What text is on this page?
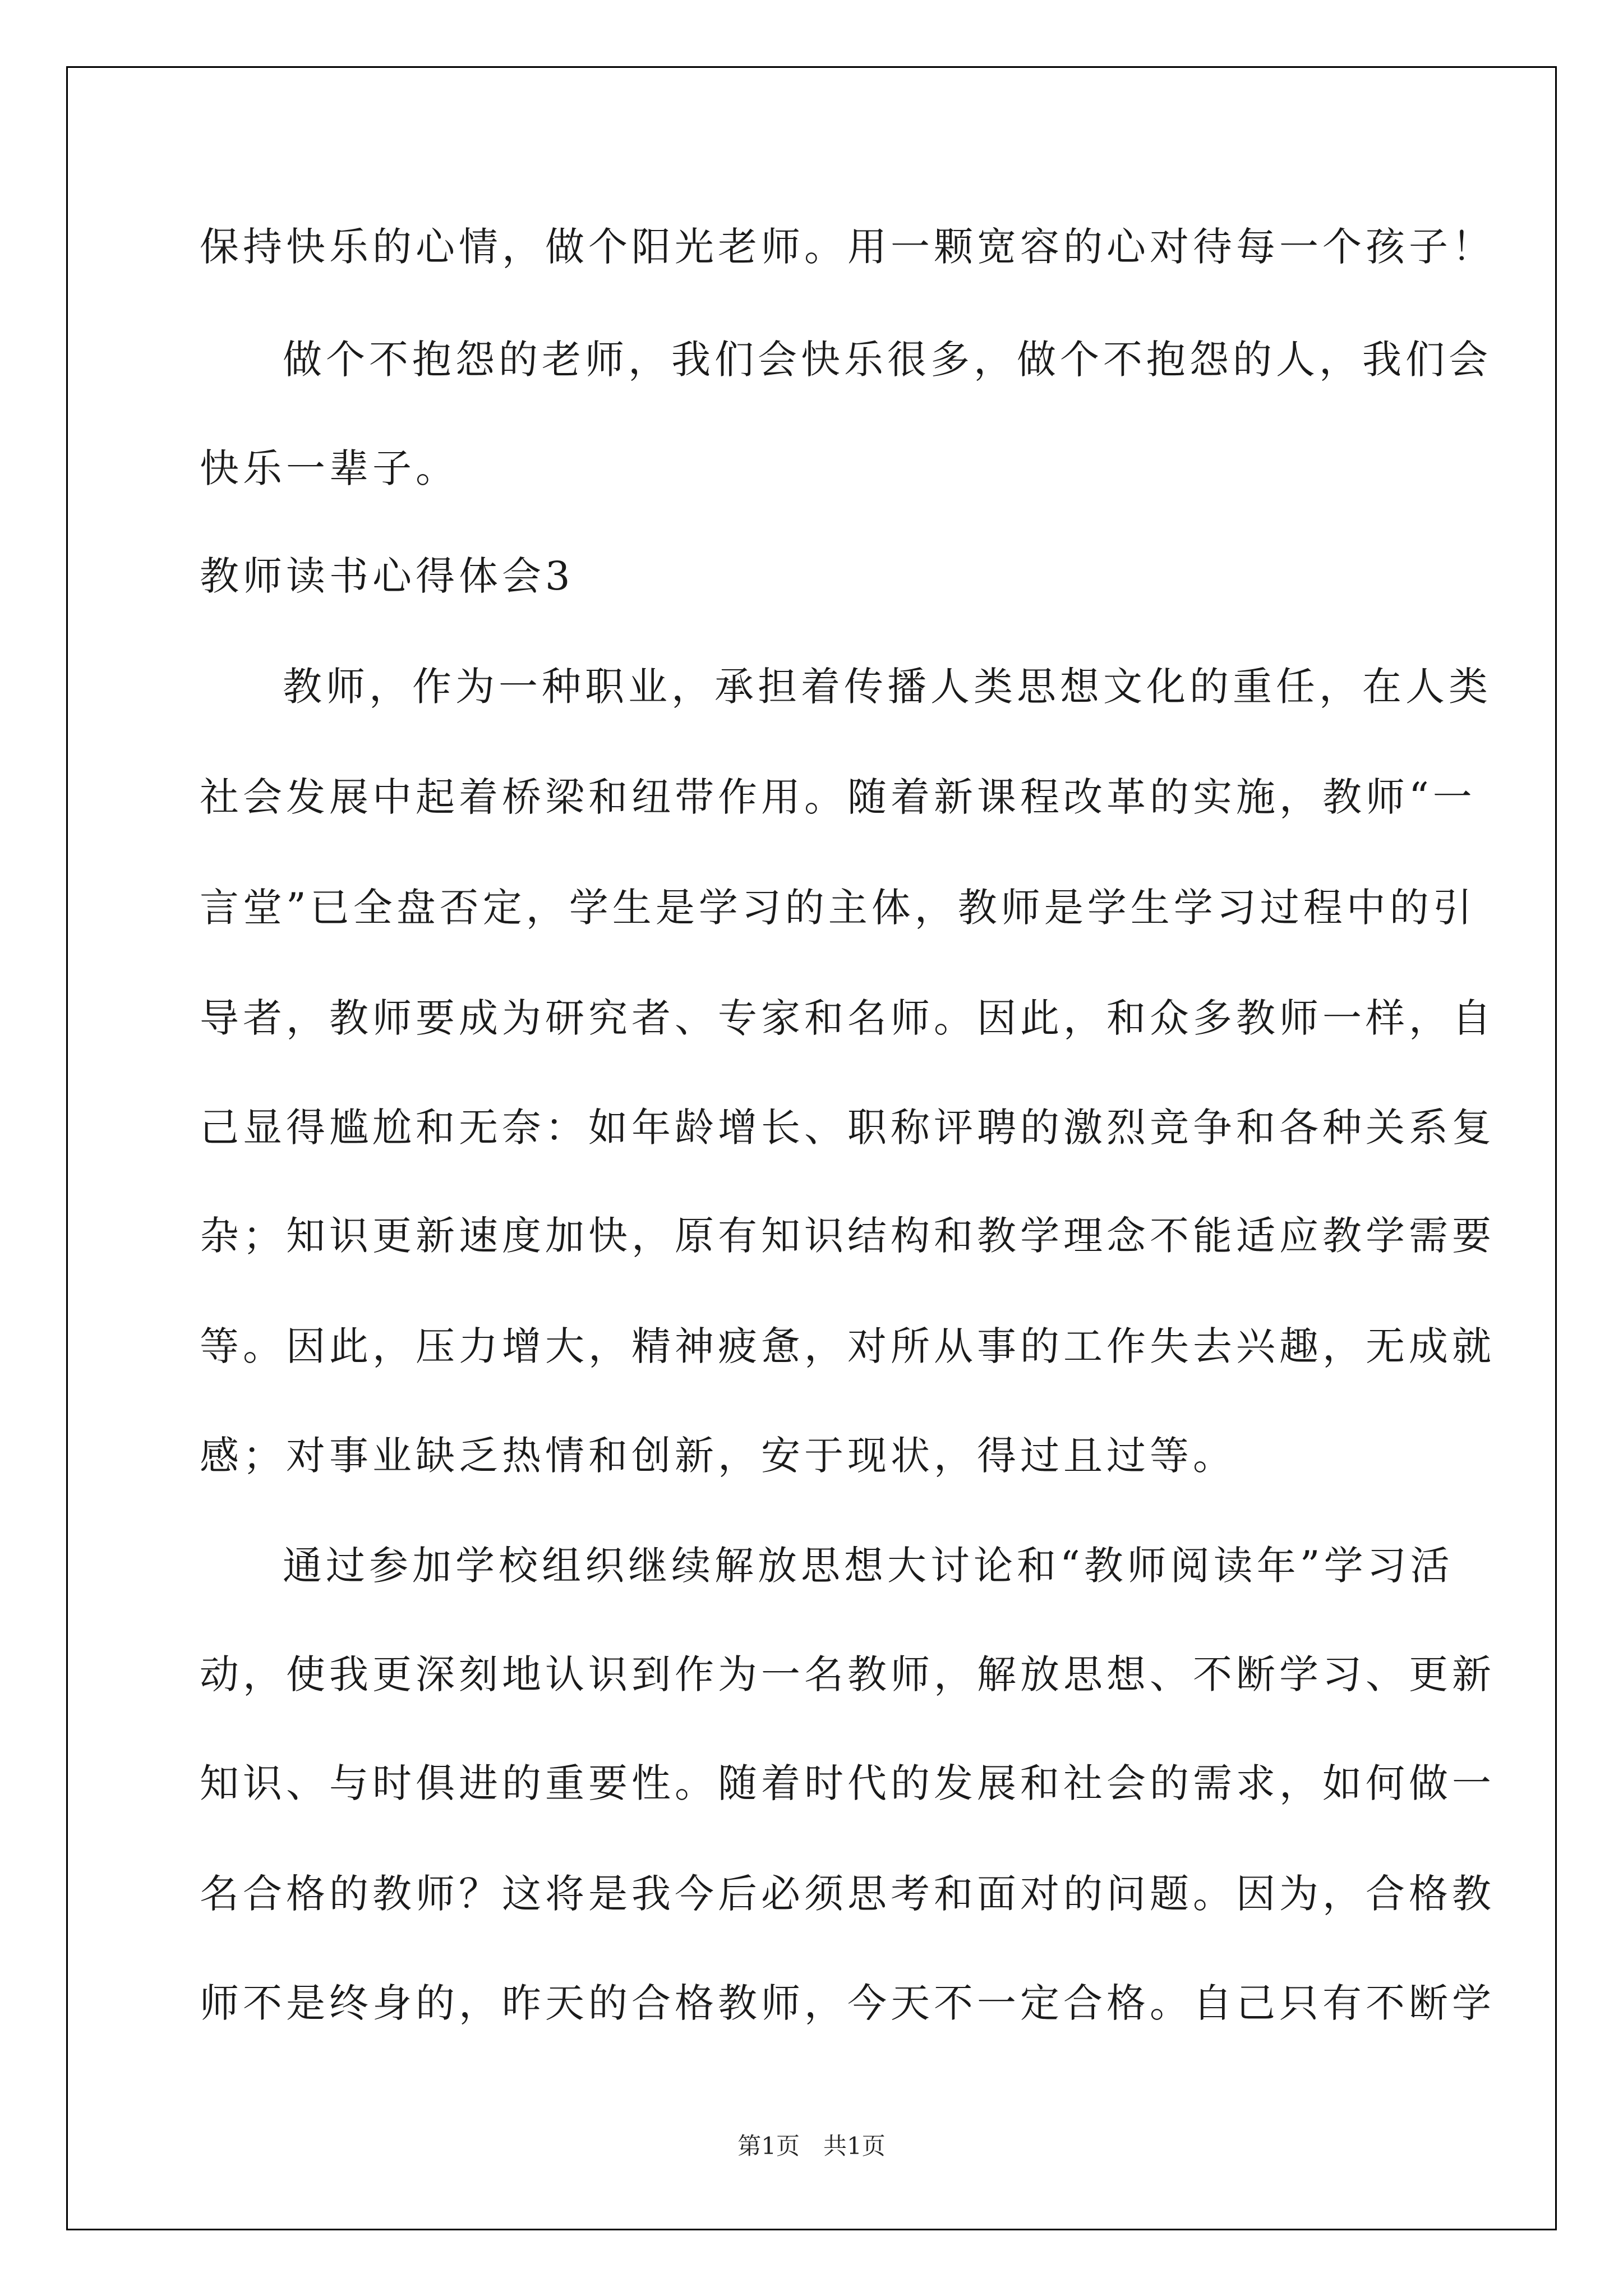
保持快乐的心情，做个阳光老师。用一颗宽容的心对待每一个孩子！
做个不抱怨的老师，我们会快乐很多，做个不抱怨的人，我们会
快乐一辈子。
教师读书心得体会3
教师，作为一种职业，承担着传播人类思想文化的重任，在人类
社会发展中起着桥梁和纽带作用。随着新课程改革的实施，教师“一
言堂”已全盘否定，学生是学习的主体，教师是学生学习过程中的引
导者，教师要成为研究者、专家和名师。因此，和众多教师一样，自
己显得尴尬和无奈：如年龄增长、职称评聘的激烈竞争和各种关系复
杂；知识更新速度加快，原有知识结构和教学理念不能适应教学需要
等。因此，压力增大，精神疲惫，对所从事的工作失去兴趣，无成就
感；对事业缺乏热情和创新，安于现状，得过且过等。
通过参加学校组织继续解放思想大讨论和“教师阅读年”学习活
动，使我更深刻地认识到作为一名教师，解放思想、不断学习、更新
知识、与时俱进的重要性。随着时代的发展和社会的需求，如何做一
名合格的教师？这将是我今后必须思考和面对的问题。因为，合格教
师不是终身的，昨天的合格教师，今天不一定合格。自己只有不断学
第1页　共1页
